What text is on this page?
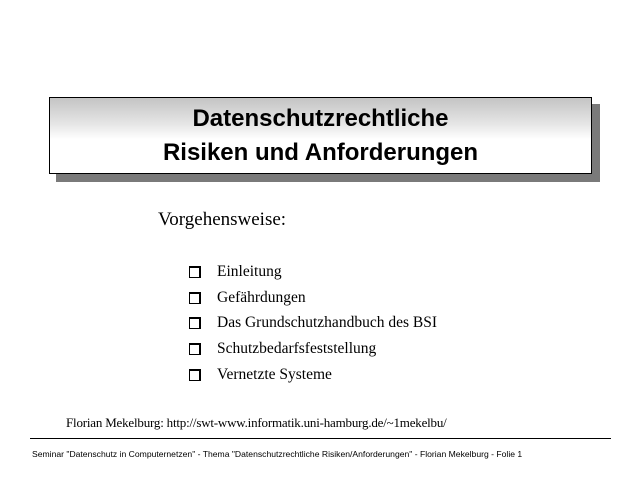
Datenschutzrechtliche
Risiken und Anforderungen
Vorgehensweise:
Einleitung
Gefährdungen
Das Grundschutzhandbuch des BSI
Schutzbedarfsfeststellung
Vernetzte Systeme
Florian Mekelburg: http://swt-www.informatik.uni-hamburg.de/~1mekelbu/
Seminar "Datenschutz in Computernetzen" - Thema "Datenschutzrechtliche Risiken/Anforderungen" - Florian Mekelburg - Folie 1
